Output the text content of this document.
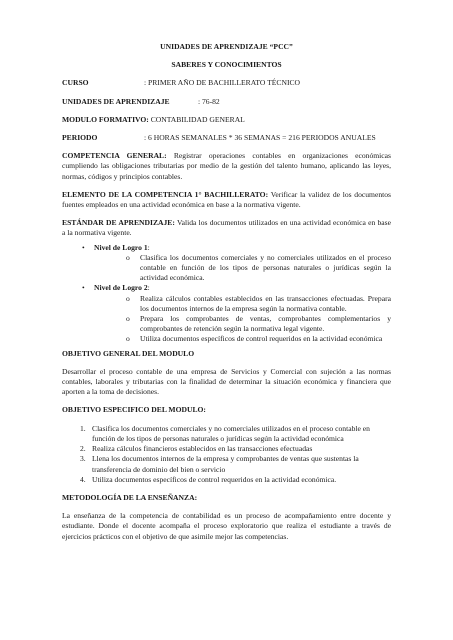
UNIDADES DE APRENDIZAJE “PCC”
SABERES Y CONOCIMIENTOS
CURSO	: PRIMER AÑO DE BACHILLERATO TÉCNICO
UNIDADES DE APRENDIZAJE	: 76-82
MODULO FORMATIVO: CONTABILIDAD GENERAL
PERIODO	: 6 HORAS SEMANALES * 36 SEMANAS = 216 PERIODOS ANUALES
COMPETENCIA GENERAL: Registrar operaciones contables en organizaciones económicas cumpliendo las obligaciones tributarias por medio de la gestión del talento humano, aplicando las leyes, normas, códigos y principios contables.
ELEMENTO DE LA COMPETENCIA 1° BACHILLERATO: Verificar la validez de los documentos fuentes empleados en una actividad económica en base a la normativa vigente.
ESTÁNDAR DE APRENDIZAJE: Valida los documentos utilizados en una actividad económica en base a la normativa vigente.
• Nivel de Logro 1:
o Clasifica los documentos comerciales y no comerciales utilizados en el proceso contable en función de los tipos de personas naturales o jurídicas según la actividad económica.
• Nivel de Logro 2:
o Realiza cálculos contables establecidos en las transacciones efectuadas. Prepara los documentos internos de la empresa según la normativa contable.
o Prepara los comprobantes de ventas, comprobantes complementarios y comprobantes de retención según la normativa legal vigente.
o Utiliza documentos específicos de control requeridos en la actividad económica
OBJETIVO GENERAL DEL MODULO
Desarrollar el proceso contable de una empresa de Servicios y Comercial con sujeción a las normas contables, laborales y tributarias con la finalidad de determinar la situación económica y financiera que aporten a la toma de decisiones.
OBJETIVO ESPECIFICO DEL MODULO:
1. Clasifica los documentos comerciales y no comerciales utilizados en el proceso contable en función de los tipos de personas naturales o jurídicas según la actividad económica
2. Realiza cálculos financieros establecidos en las transacciones efectuadas
3. Llena los documentos internos de la empresa y comprobantes de ventas que sustentas la transferencia de dominio del bien o servicio
4. Utiliza documentos específicos de control requeridos en la actividad económica.
METODOLOGÍA DE LA ENSEÑANZA:
La enseñanza de la competencia de contabilidad es un proceso de acompañamiento entre docente y estudiante. Donde el docente acompaña el proceso exploratorio que realiza el estudiante a través de ejercicios prácticos con el objetivo de que asimile mejor las competencias.
